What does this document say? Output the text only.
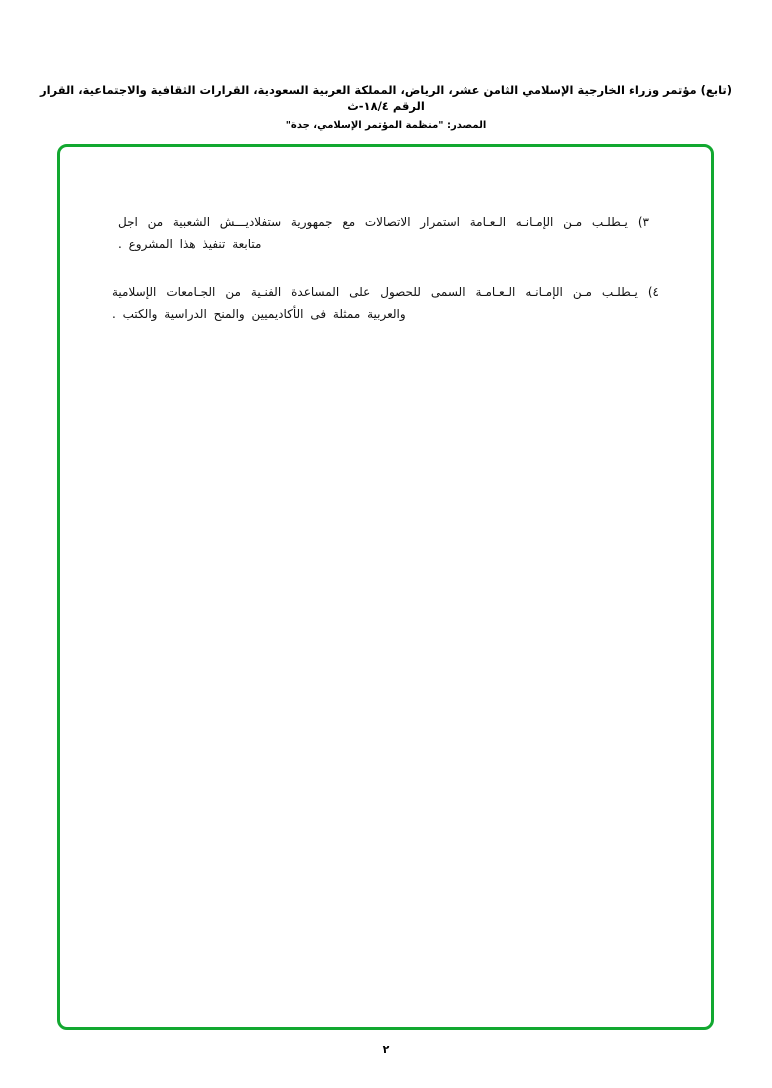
(تابع) مؤتمر وزراء الخارجية الإسلامي الثامن عشر، الرياض، المملكة العربية السعودية، القرارات الثقافية والاجتماعية، القرار الرقم ١٨/٤-ث
المصدر: "منظمة المؤتمر الإسلامي، جدة"
٣)
يـطلـب مـن الإمـانـه الـعـامة استمرار الاتصالات مع جمهورية ستفلاديـــش الشعبية من اجل متابعة تنفيذ هذا المشروع .
٤)
يـطلـب مـن الإمـانـه الـعـامـة السمى للحصول على المساعدة الفنـية من الجـامعات الإسلامية والعربية ممثلة فى الأكاديميين والمنح الدراسية والكتب .
٢
